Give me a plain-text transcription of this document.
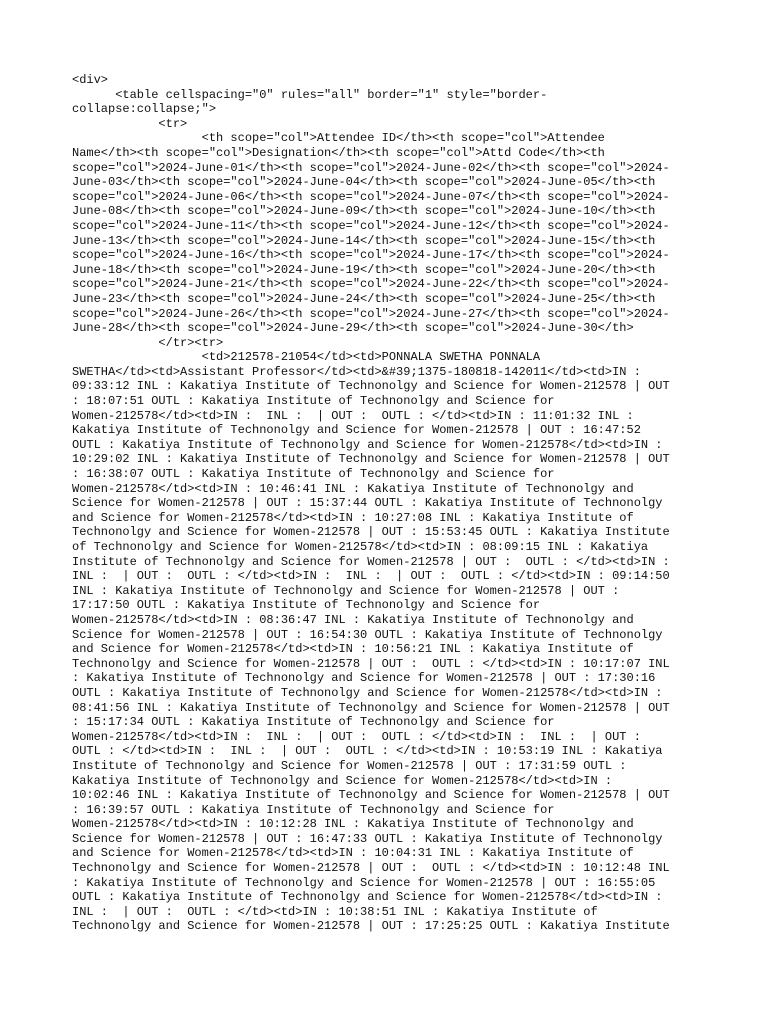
<div>
<table cellspacing="0" rules="all" border="1" style="border-
collapse:collapse;">
<tr>
<th scope="col">Attendee ID</th><th scope="col">Attendee
Name</th><th scope="col">Designation</th><th scope="col">Attd Code</th><th
scope="col">2024-June-01</th><th scope="col">2024-June-02</th><th scope="col">2024-
June-03</th><th scope="col">2024-June-04</th><th scope="col">2024-June-05</th><th
scope="col">2024-June-06</th><th scope="col">2024-June-07</th><th scope="col">2024-
June-08</th><th scope="col">2024-June-09</th><th scope="col">2024-June-10</th><th
scope="col">2024-June-11</th><th scope="col">2024-June-12</th><th scope="col">2024-
June-13</th><th scope="col">2024-June-14</th><th scope="col">2024-June-15</th><th
scope="col">2024-June-16</th><th scope="col">2024-June-17</th><th scope="col">2024-
June-18</th><th scope="col">2024-June-19</th><th scope="col">2024-June-20</th><th
scope="col">2024-June-21</th><th scope="col">2024-June-22</th><th scope="col">2024-
June-23</th><th scope="col">2024-June-24</th><th scope="col">2024-June-25</th><th
scope="col">2024-June-26</th><th scope="col">2024-June-27</th><th scope="col">2024-
June-28</th><th scope="col">2024-June-29</th><th scope="col">2024-June-30</th>
</tr><tr>
<td>212578-21054</td><td>PONNALA SWETHA PONNALA
SWETHA</td><td>Assistant Professor</td><td>&#39;1375-180818-142011</td><td>IN :
09:33:12 INL : Kakatiya Institute of Technonolgy and Science for Women-212578 | OUT
: 18:07:51 OUTL : Kakatiya Institute of Technonolgy and Science for
Women-212578</td><td>IN :  INL :  | OUT :  OUTL : </td><td>IN : 11:01:32 INL :
Kakatiya Institute of Technonolgy and Science for Women-212578 | OUT : 16:47:52
OUTL : Kakatiya Institute of Technonolgy and Science for Women-212578</td><td>IN :
10:29:02 INL : Kakatiya Institute of Technonolgy and Science for Women-212578 | OUT
: 16:38:07 OUTL : Kakatiya Institute of Technonolgy and Science for
Women-212578</td><td>IN : 10:46:41 INL : Kakatiya Institute of Technonolgy and
Science for Women-212578 | OUT : 15:37:44 OUTL : Kakatiya Institute of Technonolgy
and Science for Women-212578</td><td>IN : 10:27:08 INL : Kakatiya Institute of
Technonolgy and Science for Women-212578 | OUT : 15:53:45 OUTL : Kakatiya Institute
of Technonolgy and Science for Women-212578</td><td>IN : 08:09:15 INL : Kakatiya
Institute of Technonolgy and Science for Women-212578 | OUT :  OUTL : </td><td>IN :
INL :  | OUT :  OUTL : </td><td>IN :  INL :  | OUT :  OUTL : </td><td>IN : 09:14:50
INL : Kakatiya Institute of Technonolgy and Science for Women-212578 | OUT :
17:17:50 OUTL : Kakatiya Institute of Technonolgy and Science for
Women-212578</td><td>IN : 08:36:47 INL : Kakatiya Institute of Technonolgy and
Science for Women-212578 | OUT : 16:54:30 OUTL : Kakatiya Institute of Technonolgy
and Science for Women-212578</td><td>IN : 10:56:21 INL : Kakatiya Institute of
Technonolgy and Science for Women-212578 | OUT :  OUTL : </td><td>IN : 10:17:07 INL
: Kakatiya Institute of Technonolgy and Science for Women-212578 | OUT : 17:30:16
OUTL : Kakatiya Institute of Technonolgy and Science for Women-212578</td><td>IN :
08:41:56 INL : Kakatiya Institute of Technonolgy and Science for Women-212578 | OUT
: 15:17:34 OUTL : Kakatiya Institute of Technonolgy and Science for
Women-212578</td><td>IN :  INL :  | OUT :  OUTL : </td><td>IN :  INL :  | OUT :
OUTL : </td><td>IN :  INL :  | OUT :  OUTL : </td><td>IN : 10:53:19 INL : Kakatiya
Institute of Technonolgy and Science for Women-212578 | OUT : 17:31:59 OUTL :
Kakatiya Institute of Technonolgy and Science for Women-212578</td><td>IN :
10:02:46 INL : Kakatiya Institute of Technonolgy and Science for Women-212578 | OUT
: 16:39:57 OUTL : Kakatiya Institute of Technonolgy and Science for
Women-212578</td><td>IN : 10:12:28 INL : Kakatiya Institute of Technonolgy and
Science for Women-212578 | OUT : 16:47:33 OUTL : Kakatiya Institute of Technonolgy
and Science for Women-212578</td><td>IN : 10:04:31 INL : Kakatiya Institute of
Technonolgy and Science for Women-212578 | OUT :  OUTL : </td><td>IN : 10:12:48 INL
: Kakatiya Institute of Technonolgy and Science for Women-212578 | OUT : 16:55:05
OUTL : Kakatiya Institute of Technonolgy and Science for Women-212578</td><td>IN :
INL :  | OUT :  OUTL : </td><td>IN : 10:38:51 INL : Kakatiya Institute of
Technonolgy and Science for Women-212578 | OUT : 17:25:25 OUTL : Kakatiya Institute
